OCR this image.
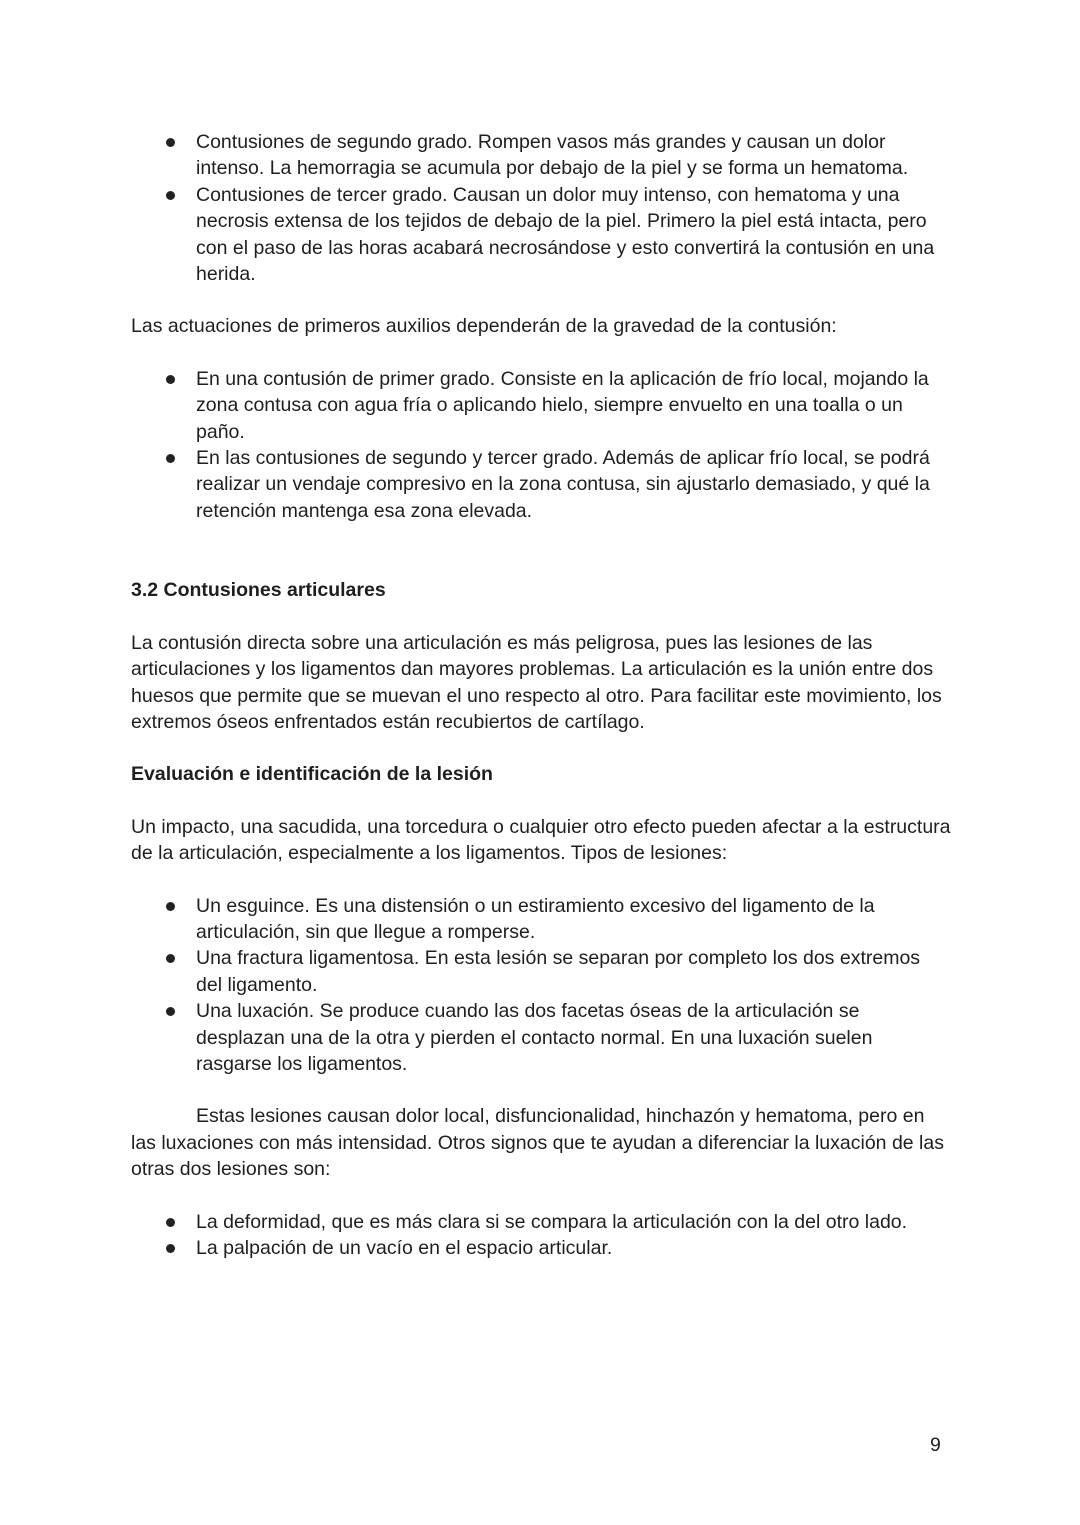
Contusiones de segundo grado. Rompen vasos más grandes y causan un dolor intenso. La hemorragia se acumula por debajo de la piel y se forma un hematoma.
Contusiones de tercer grado. Causan un dolor muy intenso, con hematoma y una necrosis extensa de los tejidos de debajo de la piel. Primero la piel está intacta, pero con el paso de las horas acabará necrosándose y esto convertirá la contusión en una herida.

Las actuaciones de primeros auxilios dependerán de la gravedad de la contusión:

En una contusión de primer grado. Consiste en la aplicación de frío local, mojando la zona contusa con agua fría o aplicando hielo, siempre envuelto en una toalla o un paño.
En las contusiones de segundo y tercer grado. Además de aplicar frío local, se podrá realizar un vendaje compresivo en la zona contusa, sin ajustarlo demasiado, y qué la retención mantenga esa zona elevada.

3.2 Contusiones articulares

La contusión directa sobre una articulación es más peligrosa, pues las lesiones de las articulaciones y los ligamentos dan mayores problemas. La articulación es la unión entre dos huesos que permite que se muevan el uno respecto al otro. Para facilitar este movimiento, los extremos óseos enfrentados están recubiertos de cartílago.

Evaluación e identificación de la lesión

Un impacto, una sacudida, una torcedura o cualquier otro efecto pueden afectar a la estructura de la articulación, especialmente a los ligamentos. Tipos de lesiones:

Un esguince. Es una distensión o un estiramiento excesivo del ligamento de la articulación, sin que llegue a romperse.
Una fractura ligamentosa. En esta lesión se separan por completo los dos extremos del ligamento.
Una luxación. Se produce cuando las dos facetas óseas de la articulación se desplazan una de la otra y pierden el contacto normal. En una luxación suelen rasgarse los ligamentos.

Estas lesiones causan dolor local, disfuncionalidad, hinchazón y hematoma, pero en las luxaciones con más intensidad. Otros signos que te ayudan a diferenciar la luxación de las otras dos lesiones son:

La deformidad, que es más clara si se compara la articulación con la del otro lado.
La palpación de un vacío en el espacio articular.
9
